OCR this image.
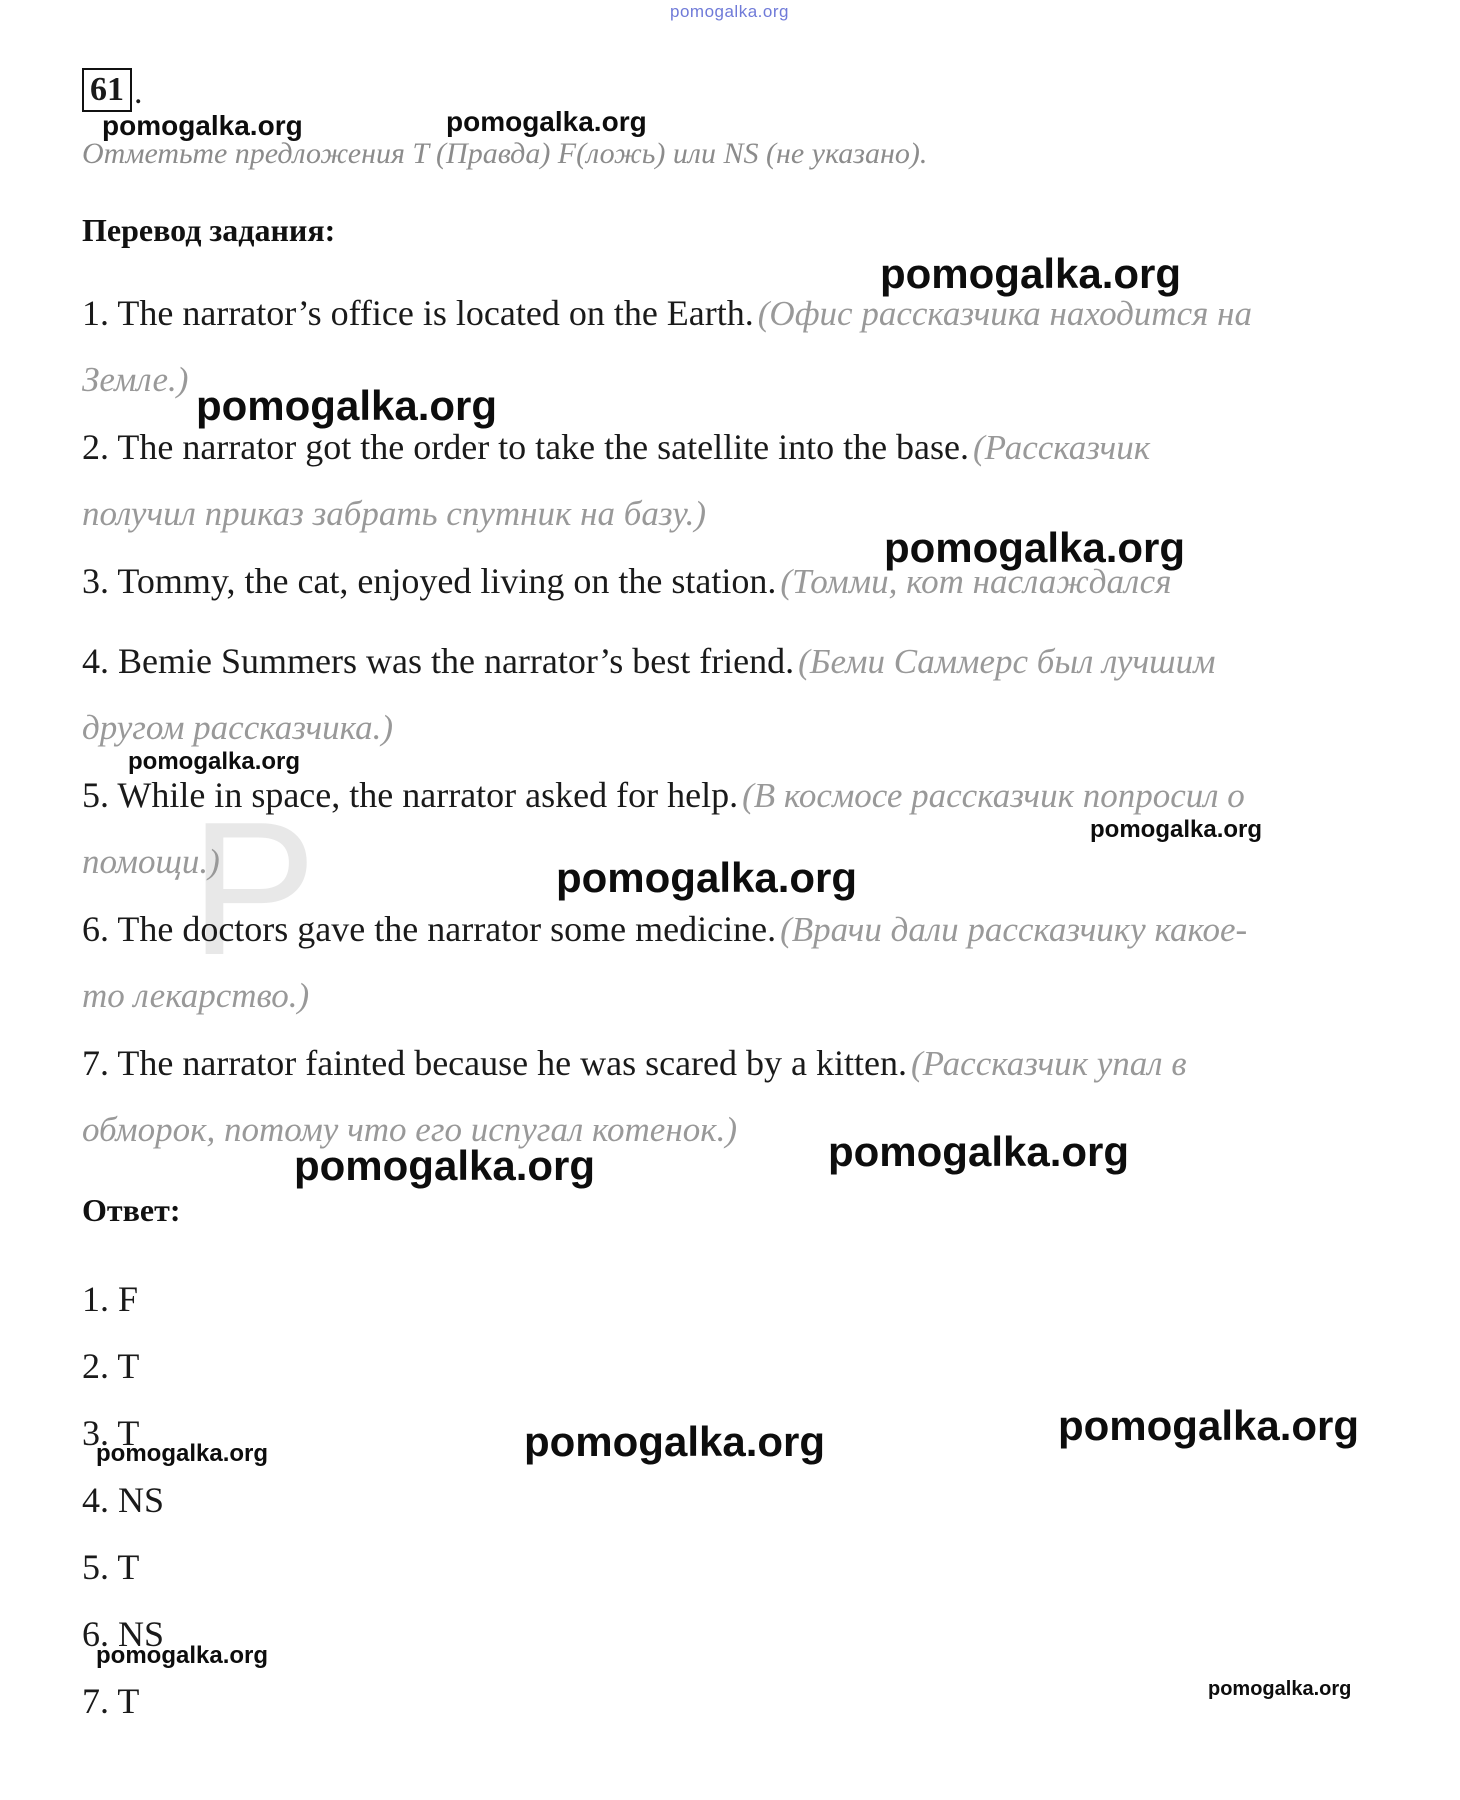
P
pomogalka.org
61 .
Отметьте предложения T (Правда) F(ложь) или NS (не указано).
Перевод задания:
1. The narrator’s office is located on the Earth. (Офис рассказчика находится на
Земле.)
2. The narrator got the order to take the satellite into the base. (Рассказчик
получил приказ забрать спутник на базу.)
3. Tommy, the cat, enjoyed living on the station. (Томми, кот наслаждался
4. Bemie Summers was the narrator’s best friend. (Беми Саммерс был лучшим
другом рассказчика.)
5. While in space, the narrator asked for help. (В космосе рассказчик попросил о
помощи.)
6. The doctors gave the narrator some medicine. (Врачи дали рассказчику какое-
то лекарство.)
7. The narrator fainted because he was scared by a kitten. (Рассказчик упал в
обморок, потому что его испугал котенок.)
Ответ:
1. F
2. T
3. T
4. NS
5. T
6. NS
7. T
pomogalka.org	pomogalka.org
pomogalka.org
pomogalka.org
pomogalka.org
pomogalka.org
pomogalka.org
pomogalka.org
pomogalka.org
pomogalka.org
pomogalka.org	pomogalka.org	pomogalka.org
pomogalka.org
pomogalka.org
